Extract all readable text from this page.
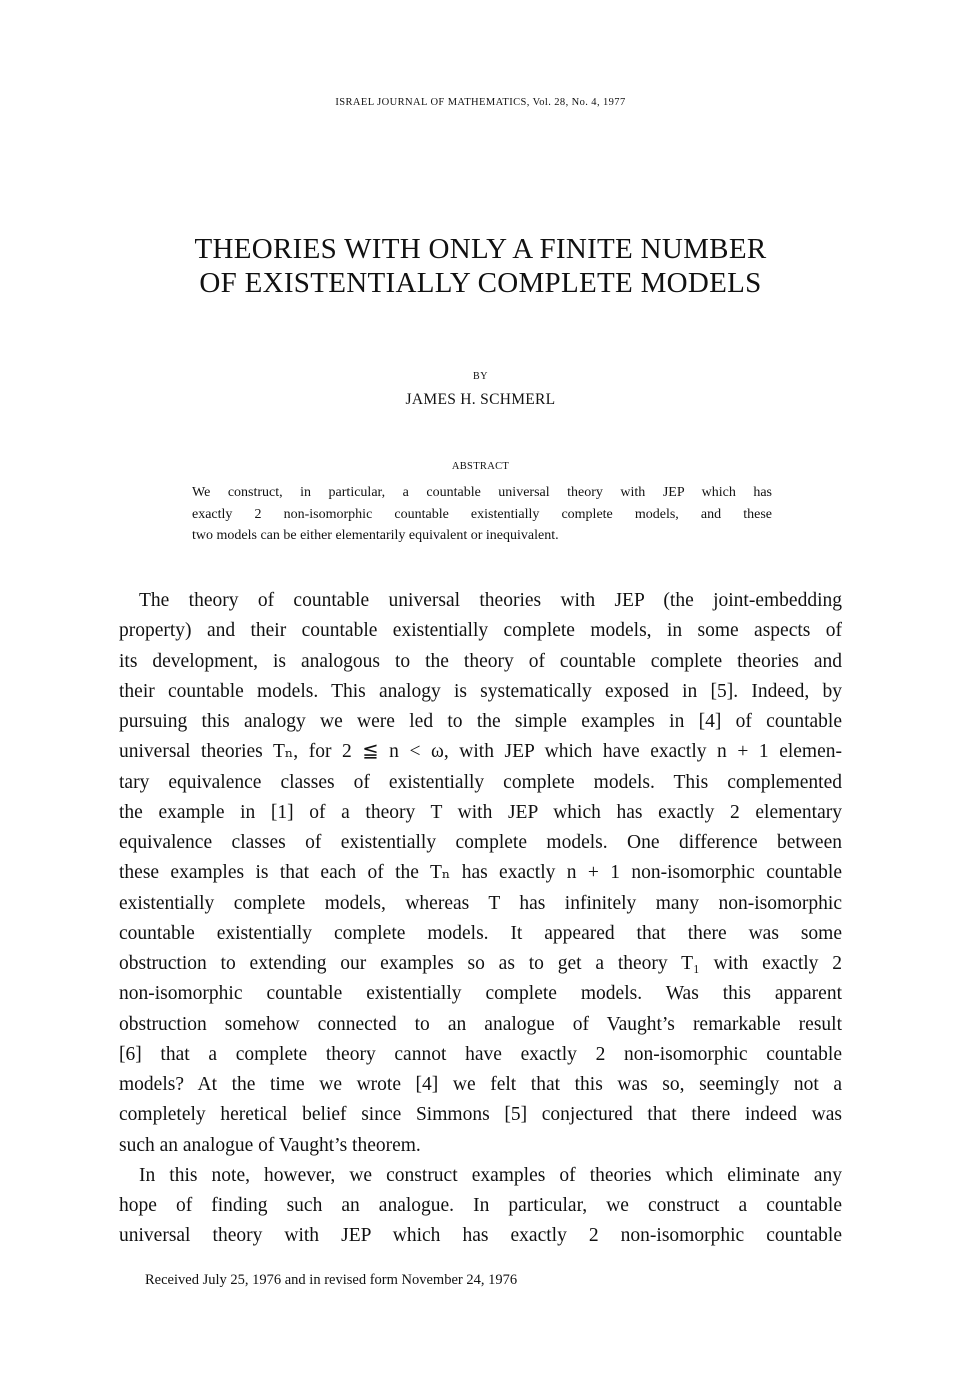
ISRAEL JOURNAL OF MATHEMATICS, Vol. 28, No. 4, 1977
THEORIES WITH ONLY A FINITE NUMBER
OF EXISTENTIALLY COMPLETE MODELS
BY
JAMES H. SCHMERL
ABSTRACT
We construct, in particular, a countable universal theory with JEP which has
exactly 2 non-isomorphic countable existentially complete models, and these
two models can be either elementarily equivalent or inequivalent.
The theory of countable universal theories with JEP (the joint-embedding
property) and their countable existentially complete models, in some aspects of
its development, is analogous to the theory of countable complete theories and
their countable models. This analogy is systematically exposed in [5]. Indeed, by
pursuing this analogy we were led to the simple examples in [4] of countable
universal theories Tₙ, for 2 ≦ n < ω, with JEP which have exactly n + 1 elemen-
tary equivalence classes of existentially complete models. This complemented
the example in [1] of a theory T with JEP which has exactly 2 elementary
equivalence classes of existentially complete models. One difference between
these examples is that each of the Tₙ has exactly n + 1 non-isomorphic countable
existentially complete models, whereas T has infinitely many non-isomorphic
countable existentially complete models. It appeared that there was some
obstruction to extending our examples so as to get a theory T₁ with exactly 2
non-isomorphic countable existentially complete models. Was this apparent
obstruction somehow connected to an analogue of Vaught’s remarkable result
[6] that a complete theory cannot have exactly 2 non-isomorphic countable
models? At the time we wrote [4] we felt that this was so, seemingly not a
completely heretical belief since Simmons [5] conjectured that there indeed was
such an analogue of Vaught’s theorem.
In this note, however, we construct examples of theories which eliminate any
hope of finding such an analogue. In particular, we construct a countable
universal theory with JEP which has exactly 2 non-isomorphic countable
Received July 25, 1976 and in revised form November 24, 1976
